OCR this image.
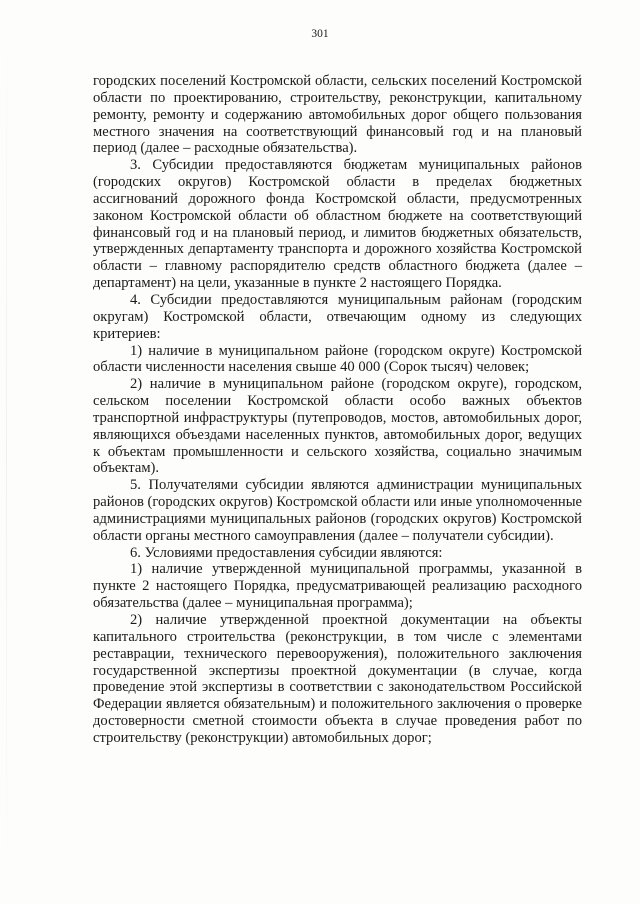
301

городских поселений Костромской области, сельских поселений Костромской области по проектированию, строительству, реконструкции, капитальному ремонту, ремонту и содержанию автомобильных дорог общего пользования местного значения на соответствующий финансовый год и на плановый период (далее – расходные обязательства).

3. Субсидии предоставляются бюджетам муниципальных районов (городских округов) Костромской области в пределах бюджетных ассигнований дорожного фонда Костромской области, предусмотренных законом Костромской области об областном бюджете на соответствующий финансовый год и на плановый период, и лимитов бюджетных обязательств, утвержденных департаменту транспорта и дорожного хозяйства Костромской области – главному распорядителю средств областного бюджета (далее – департамент) на цели, указанные в пункте 2 настоящего Порядка.

4. Субсидии предоставляются муниципальным районам (городским округам) Костромской области, отвечающим одному из следующих критериев:

1) наличие в муниципальном районе (городском округе) Костромской области численности населения свыше 40 000 (Сорок тысяч) человек;

2) наличие в муниципальном районе (городском округе), городском, сельском поселении Костромской области особо важных объектов транспортной инфраструктуры (путепроводов, мостов, автомобильных дорог, являющихся объездами населенных пунктов, автомобильных дорог, ведущих к объектам промышленности и сельского хозяйства, социально значимым объектам).

5. Получателями субсидии являются администрации муниципальных районов (городских округов) Костромской области или иные уполномоченные администрациями муниципальных районов (городских округов) Костромской области органы местного самоуправления (далее – получатели субсидии).

6. Условиями предоставления субсидии являются:

1) наличие утвержденной муниципальной программы, указанной в пункте 2 настоящего Порядка, предусматривающей реализацию расходного обязательства (далее – муниципальная программа);

2) наличие утвержденной проектной документации на объекты капитального строительства (реконструкции, в том числе с элементами реставрации, технического перевооружения), положительного заключения государственной экспертизы проектной документации (в случае, когда проведение этой экспертизы в соответствии с законодательством Российской Федерации является обязательным) и положительного заключения о проверке достоверности сметной стоимости объекта в случае проведения работ по строительству (реконструкции) автомобильных дорог;
